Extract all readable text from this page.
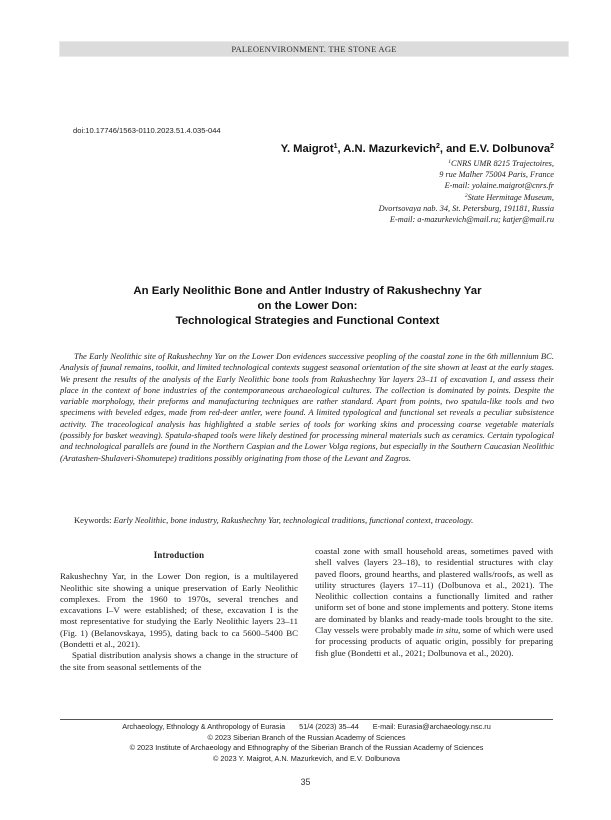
PALEOENVIRONMENT. THE STONE AGE
doi:10.17746/1563-0110.2023.51.4.035-044
Y. Maigrot$^1$, A.N. Mazurkevich$^2$, and E.V. Dolbunova$^2$
$^1$CNRS UMR 8215 Trajectoires,
9 rue Malher 75004 Paris, France
E-mail: yolaine.maigrot@cnrs.fr
$^2$State Hermitage Museum,
Dvortsovaya nab. 34, St. Petersburg, 191181, Russia
E-mail: a-mazurkevich@mail.ru; katjer@mail.ru
An Early Neolithic Bone and Antler Industry of Rakushechny Yar
on the Lower Don:
Technological Strategies and Functional Context

The Early Neolithic site of Rakushechny Yar on the Lower Don evidences successive peopling of the coastal zone in the 6th millennium BC. Analysis of faunal remains, toolkit, and limited technological contexts suggest seasonal orientation of the site shown at least at the early stages. We present the results of the analysis of the Early Neolithic bone tools from Rakushechny Yar layers 23–11 of excavation I, and assess their place in the context of bone industries of the contemporaneous archaeological cultures. The collection is dominated by points. Despite the variable morphology, their preforms and manufacturing techniques are rather standard. Apart from points, two spatula-like tools and two specimens with beveled edges, made from red-deer antler, were found. A limited typological and functional set reveals a peculiar subsistence activity. The traceological analysis has highlighted a stable series of tools for working skins and processing coarse vegetable materials (possibly for basket weaving). Spatula-shaped tools were likely destined for processing mineral materials such as ceramics. Certain typological and technological parallels are found in the Northern Caspian and the Lower Volga regions, but especially in the Southern Caucasian Neolithic (Aratashen-Shulaveri-Shomutepe) traditions possibly originating from those of the Levant and Zagros.

Keywords: Early Neolithic, bone industry, Rakushechny Yar, technological traditions, functional context, traceology.

Introduction

Rakushechny Yar, in the Lower Don region, is a multilayered Neolithic site showing a unique preservation of Early Neolithic complexes. From the 1960 to 1970s, several trenches and excavations I–V were established; of these, excavation I is the most representative for studying the Early Neolithic layers 23–11 (Fig. 1) (Belanovskaya, 1995), dating back to ca 5600–5400 BC (Bondetti et al., 2021).

Spatial distribution analysis shows a change in the structure of the site from seasonal settlements of the

coastal zone with small household areas, sometimes paved with shell valves (layers 23–18), to residential structures with clay paved floors, ground hearths, and plastered walls/roofs, as well as utility structures (layers 17–11) (Dolbunova et al., 2021). The Neolithic collection contains a functionally limited and rather uniform set of bone and stone implements and pottery. Stone items are dominated by blanks and ready-made tools brought to the site. Clay vessels were probably made in situ, some of which were used for processing products of aquatic origin, possibly for preparing fish glue (Bondetti et al., 2021; Dolbunova et al., 2020).

Archaeology, Ethnology & Anthropology of Eurasia 51/4 (2023) 35–44 E-mail: Eurasia@archaeology.nsc.ru
© 2023 Siberian Branch of the Russian Academy of Sciences
© 2023 Institute of Archaeology and Ethnography of the Siberian Branch of the Russian Academy of Sciences
© 2023 Y. Maigrot, A.N. Mazurkevich, and E.V. Dolbunova
35
